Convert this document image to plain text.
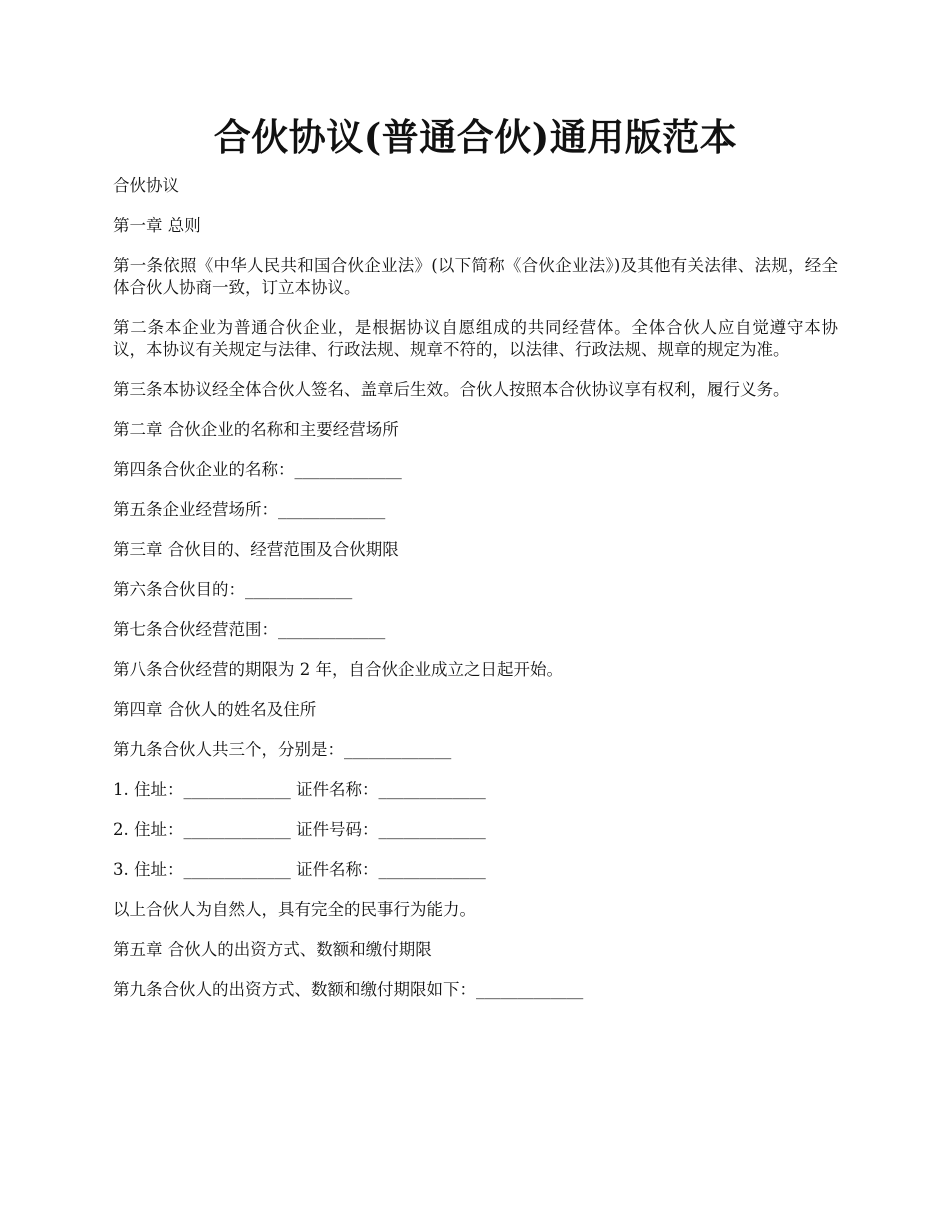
合伙协议(普通合伙)通用版范本

合伙协议

第一章 总则

第一条依照《中华人民共和国合伙企业法》(以下简称《合伙企业法》)及其他有关法律、法规，经全体合伙人协商一致，订立本协议。

第二条本企业为普通合伙企业，是根据协议自愿组成的共同经营体。全体合伙人应自觉遵守本协议，本协议有关规定与法律、行政法规、规章不符的，以法律、行政法规、规章的规定为准。

第三条本协议经全体合伙人签名、盖章后生效。合伙人按照本合伙协议享有权利，履行义务。

第二章 合伙企业的名称和主要经营场所

第四条合伙企业的名称：_____________

第五条企业经营场所：_____________

第三章 合伙目的、经营范围及合伙期限

第六条合伙目的：_____________

第七条合伙经营范围：_____________

第八条合伙经营的期限为 2 年，自合伙企业成立之日起开始。

第四章 合伙人的姓名及住所

第九条合伙人共三个，分别是：_____________

1. 住址：_____________ 证件名称：_____________

2. 住址：_____________ 证件号码：_____________

3. 住址：_____________ 证件名称：_____________

以上合伙人为自然人，具有完全的民事行为能力。

第五章 合伙人的出资方式、数额和缴付期限

第九条合伙人的出资方式、数额和缴付期限如下：_____________
